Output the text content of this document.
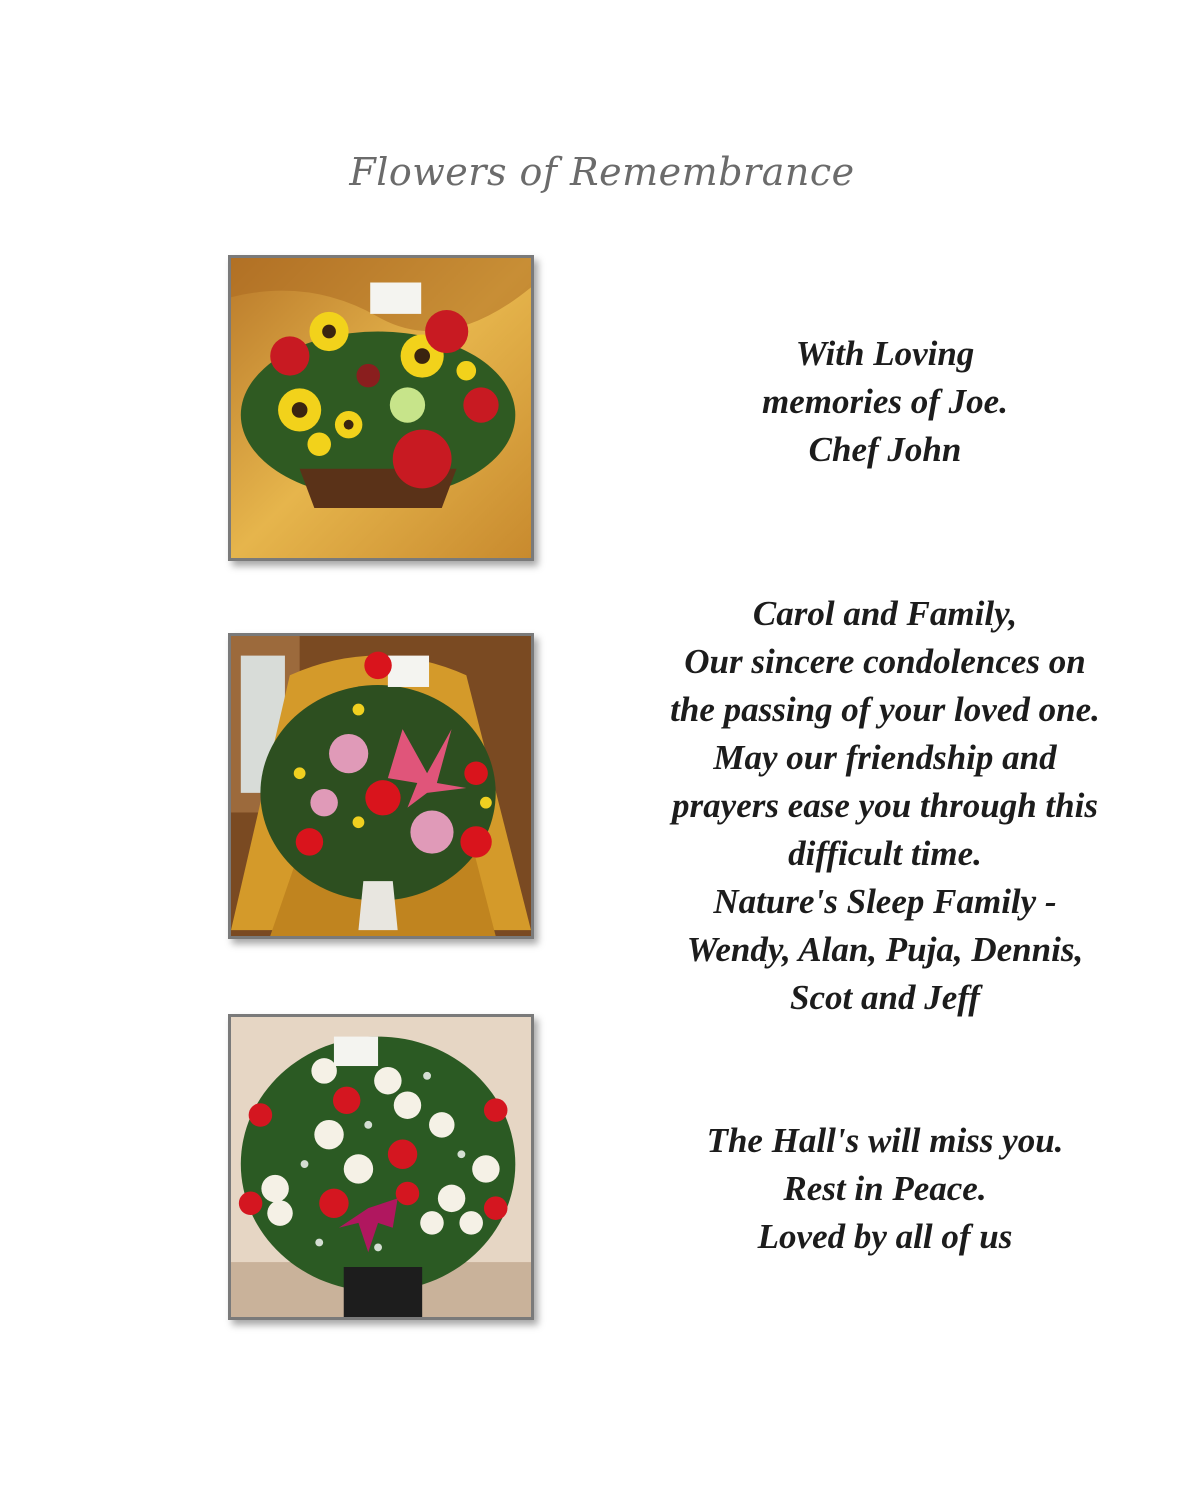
Flowers of Remembrance
With Loving
memories of Joe.
Chef John
Carol and Family,
Our sincere condolences on
the passing of your loved one.
May our friendship and
prayers ease you through this
difficult time.
Nature's Sleep Family -
Wendy, Alan, Puja, Dennis,
Scot and Jeff
The Hall's will miss you.
Rest in Peace.
Loved by all of us
